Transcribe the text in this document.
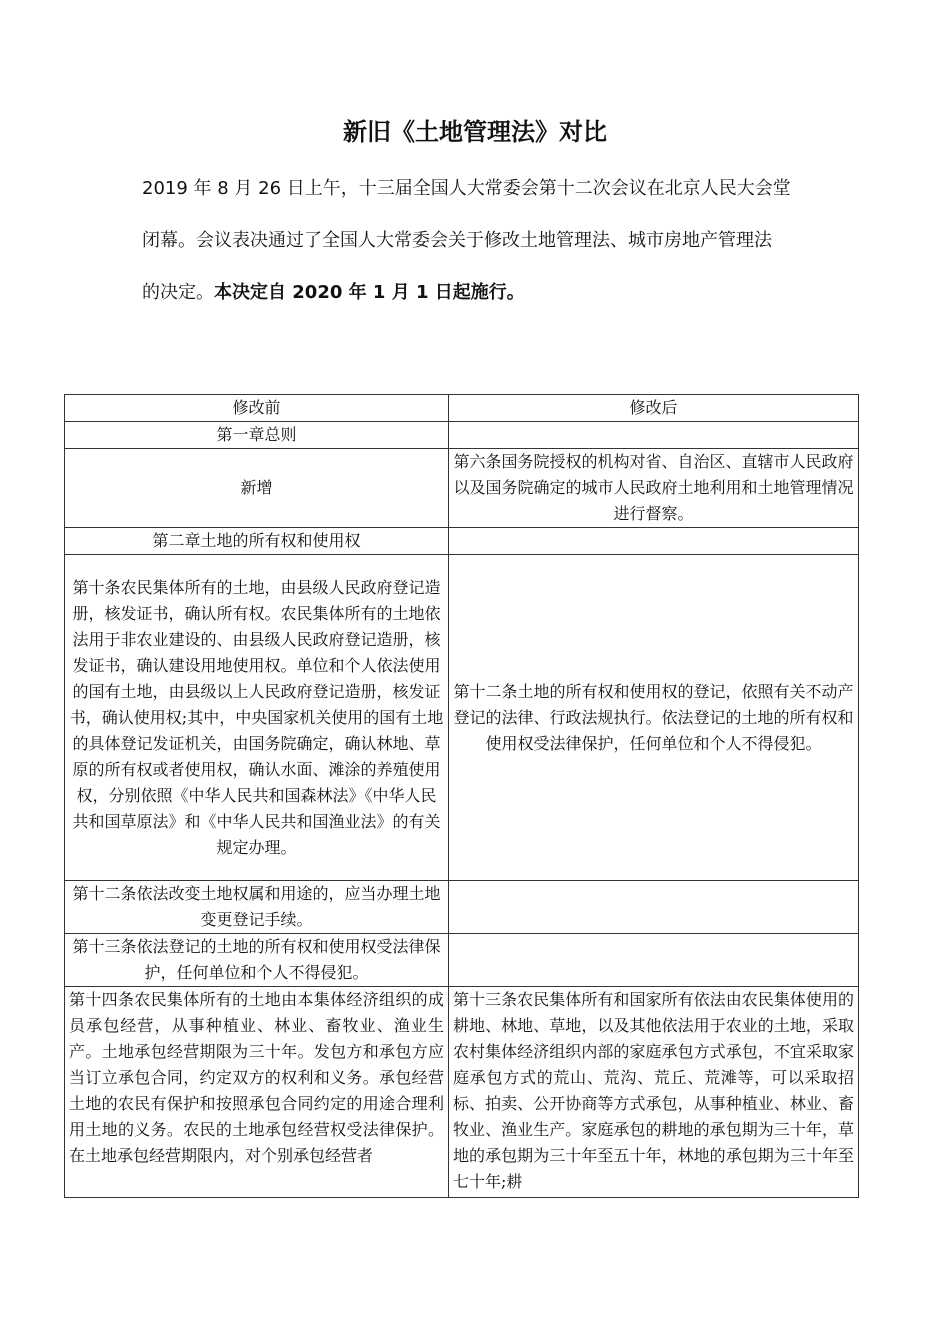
新旧《土地管理法》对比
2019 年 8 月 26 日上午，十三届全国人大常委会第十二次会议在北京人民大会堂
闭幕。会议表决通过了全国人大常委会关于修改土地管理法、城市房地产管理法
的决定。本决定自 2020 年 1 月 1 日起施行。
修改前	修改后
第一章总则	
新增	第六条国务院授权的机构对省、自治区、直辖市人民政府以及国务院确定的城市人民政府土地利用和土地管理情况进行督察。
第二章土地的所有权和使用权	
第十条农民集体所有的土地，由县级人民政府登记造册，核发证书，确认所有权。农民集体所有的土地依法用于非农业建设的、由县级人民政府登记造册，核发证书，确认建设用地使用权。单位和个人依法使用的国有土地，由县级以上人民政府登记造册，核发证书，确认使用权;其中，中央国家机关使用的国有土地的具体登记发证机关，由国务院确定，确认林地、草原的所有权或者使用权，确认水面、滩涂的养殖使用权，分别依照《中华人民共和国森林法》《中华人民共和国草原法》和《中华人民共和国渔业法》的有关规定办理。	第十二条土地的所有权和使用权的登记，依照有关不动产登记的法律、行政法规执行。依法登记的土地的所有权和使用权受法律保护，任何单位和个人不得侵犯。
第十二条依法改变土地权属和用途的，应当办理土地变更登记手续。	
第十三条依法登记的土地的所有权和使用权受法律保护，任何单位和个人不得侵犯。	

第十四条农民集体所有的土地由本集体经济组织的成员承包经营，从事种植业、林业、畜牧业、渔业生产。土地承包经营期限为三十年。发包方和承包方应当订立承包合同，约定双方的权利和义务。承包经营土地的农民有保护和按照承包合同约定的用途合理利用土地的义务。农民的土地承包经营权受法律保护。在土地承包经营期限内，对个别承包经营者	第十三条农民集体所有和国家所有依法由农民集体使用的耕地、林地、草地，以及其他依法用于农业的土地，采取农村集体经济组织内部的家庭承包方式承包，不宜采取家庭承包方式的荒山、荒沟、荒丘、荒滩等，可以采取招标、拍卖、公开协商等方式承包，从事种植业、林业、畜牧业、渔业生产。家庭承包的耕地的承包期为三十年，草地的承包期为三十年至五十年，林地的承包期为三十年至七十年;耕
